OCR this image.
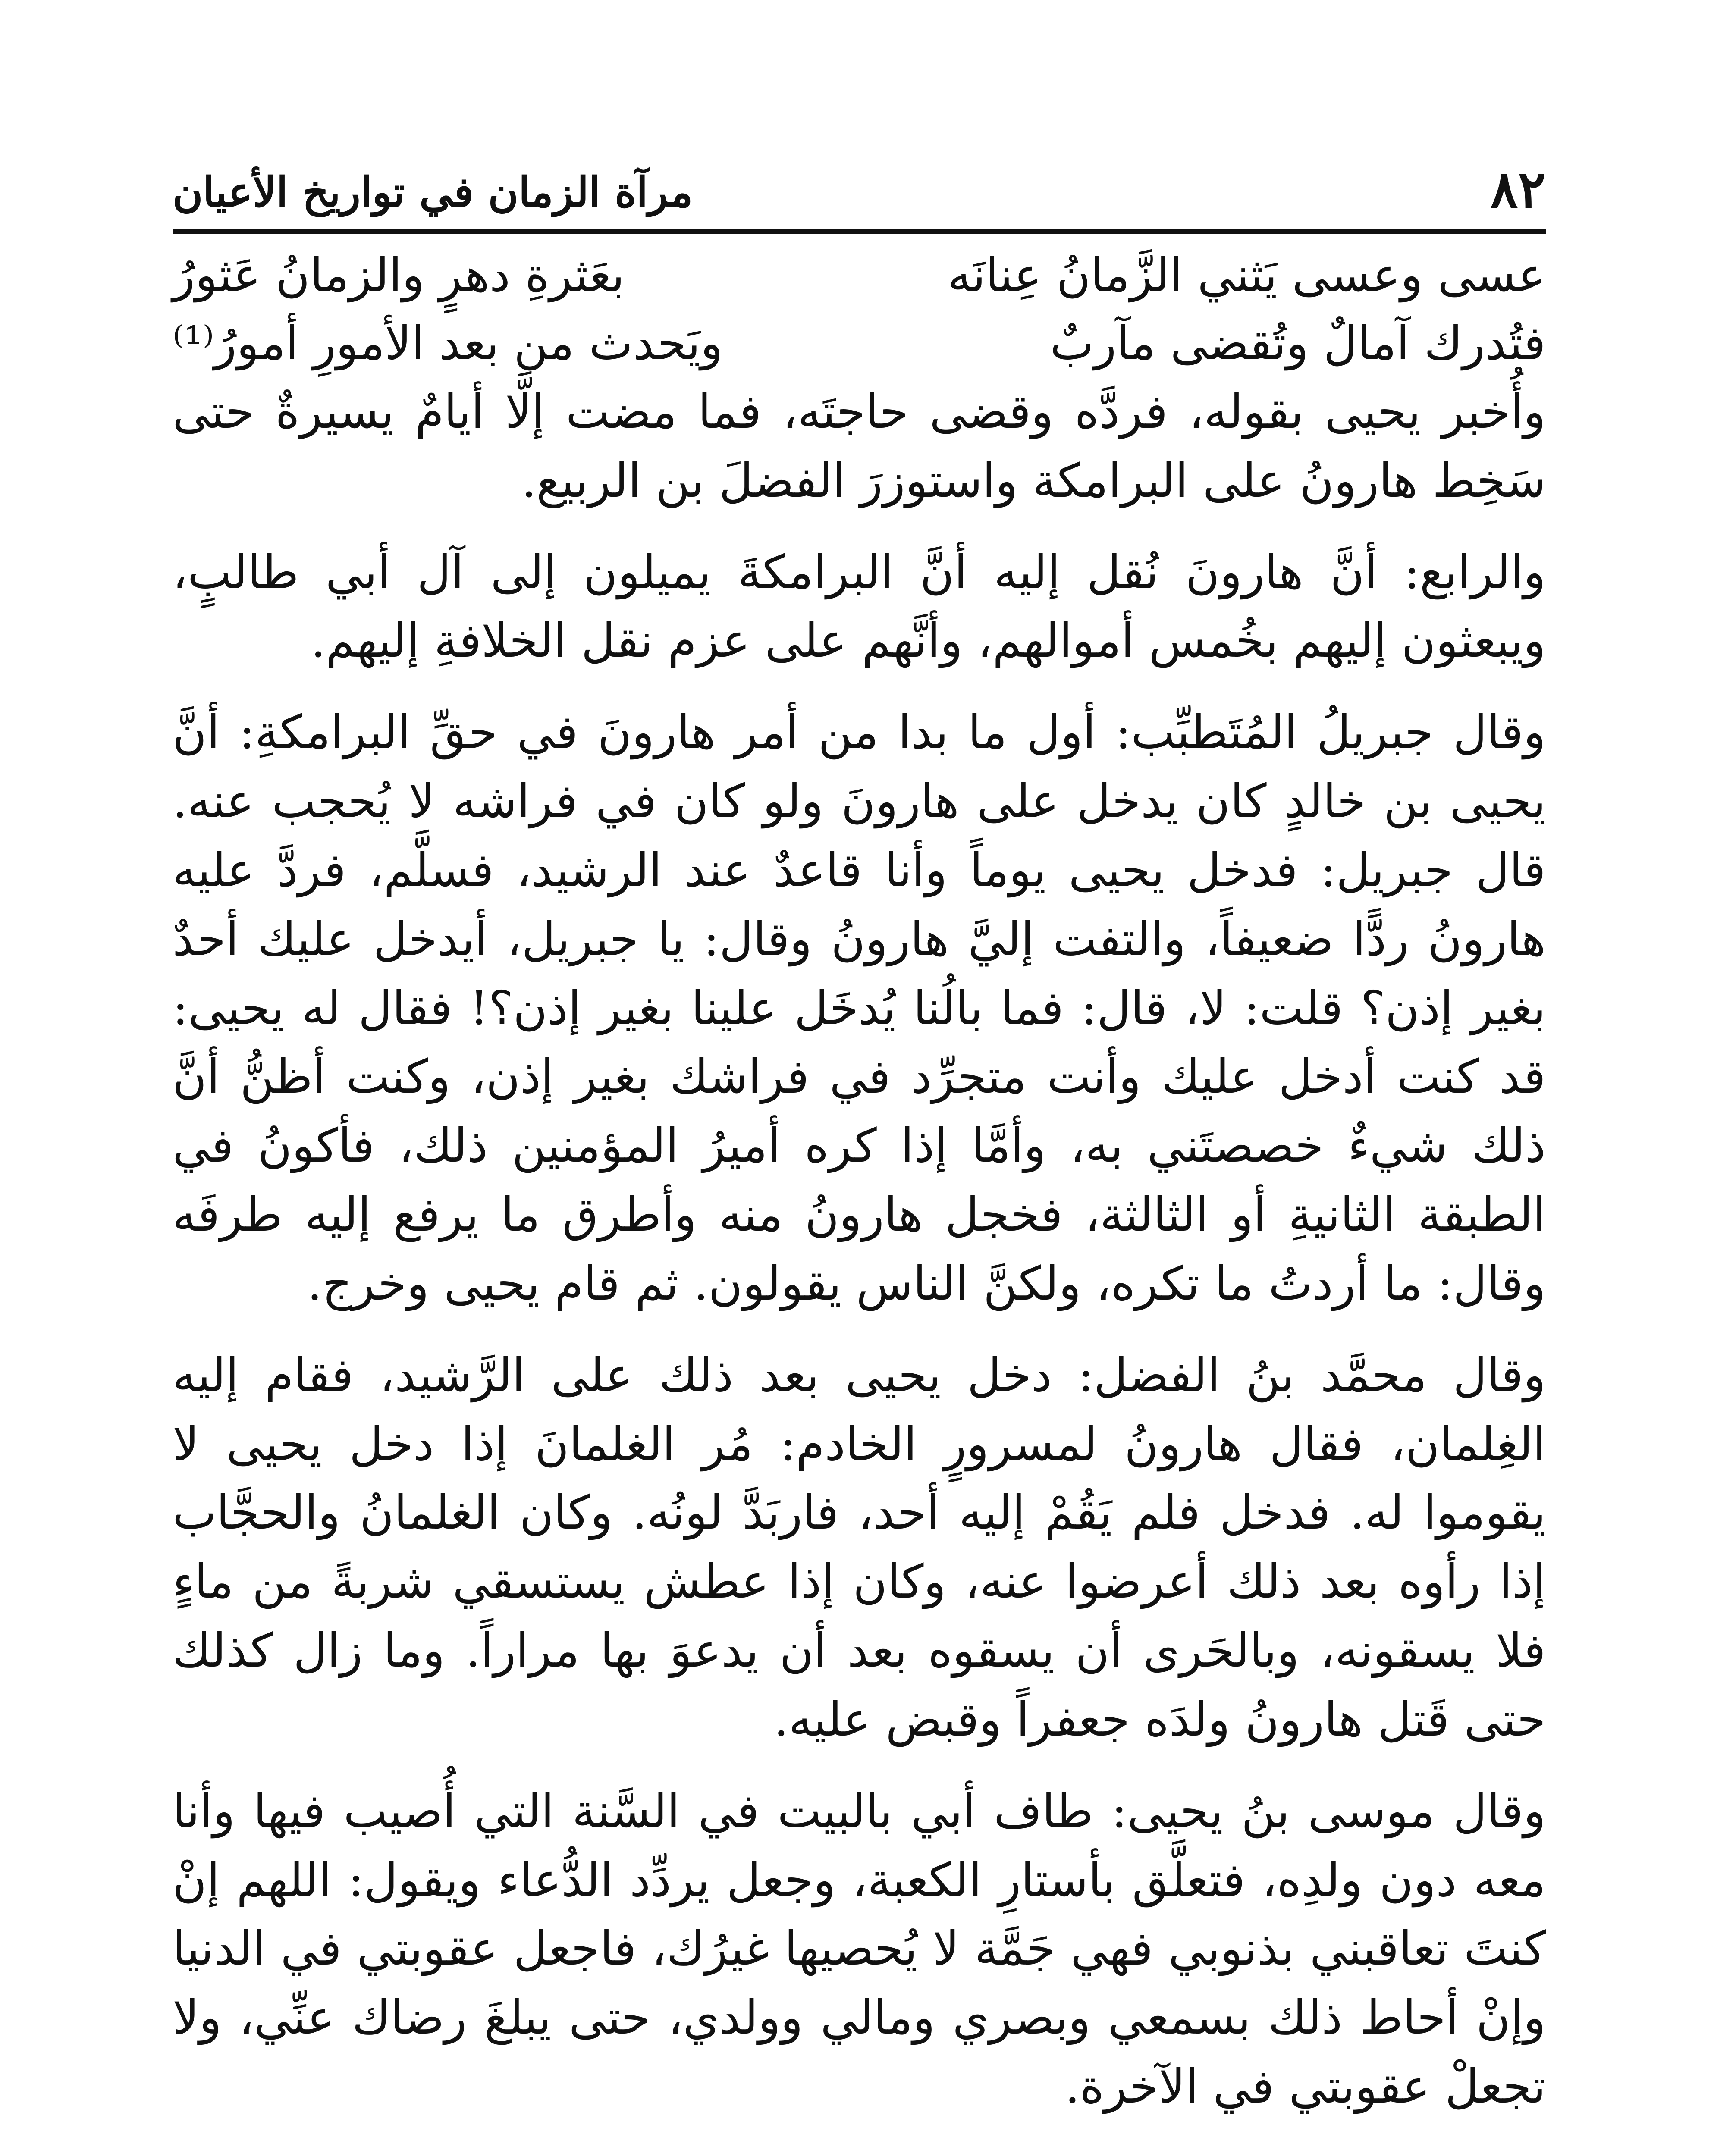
٨٢
مرآة الزمان في تواريخ الأعيان
عسى وعسى يَثني الزَّمانُ عِنانَه
بعَثرةِ دهرٍ والزمانُ عَثورُ
فتُدرك آمالٌ وتُقضى مآربٌ
ويَحدث من بعد الأمورِ أمورُ⁽¹⁾

وأُخبر يحيى بقوله، فردَّه وقضى حاجتَه، فما مضت إلَّا أيامٌ يسيرةٌ حتى سَخِط هارونُ على البرامكة واستوزرَ الفضلَ بن الربيع.

والرابع: أنَّ هارونَ نُقل إليه أنَّ البرامكةَ يميلون إلى آل أبي طالبٍ، ويبعثون إليهم بخُمس أموالهم، وأنَّهم على عزم نقل الخلافةِ إليهم.

وقال جبريلُ المُتَطبِّب: أول ما بدا من أمر هارونَ في حقِّ البرامكةِ: أنَّ يحيى بن خالدٍ كان يدخل على هارونَ ولو كان في فراشه لا يُحجب عنه. قال جبريل: فدخل يحيى يوماً وأنا قاعدٌ عند الرشيد، فسلَّم، فردَّ عليه هارونُ ردًّا ضعيفاً، والتفت إليَّ هارونُ وقال: يا جبريل، أيدخل عليك أحدٌ بغير إذن؟ قلت: لا، قال: فما بالُنا يُدخَل علينا بغير إذن؟! فقال له يحيى: قد كنت أدخل عليك وأنت متجرِّد في فراشك بغير إذن، وكنت أظنُّ أنَّ ذلك شيءٌ خصصتَني به، وأمَّا إذا كره أميرُ المؤمنين ذلك، فأكونُ في الطبقة الثانيةِ أو الثالثة، فخجل هارونُ منه وأطرق ما يرفع إليه طرفَه وقال: ما أردتُ ما تكره، ولكنَّ الناس يقولون. ثم قام يحيى وخرج.

وقال محمَّد بنُ الفضل: دخل يحيى بعد ذلك على الرَّشيد، فقام إليه الغِلمان، فقال هارونُ لمسرورٍ الخادم: مُر الغلمانَ إذا دخل يحيى لا يقوموا له. فدخل فلم يَقُمْ إليه أحد، فاربَدَّ لونُه. وكان الغلمانُ والحجَّاب إذا رأوه بعد ذلك أعرضوا عنه، وكان إذا عطش يستسقي شربةً من ماءٍ فلا يسقونه، وبالحَرى أن يسقوه بعد أن يدعوَ بها مراراً. وما زال كذلك حتى قَتل هارونُ ولدَه جعفراً وقبض عليه.

وقال موسى بنُ يحيى: طاف أبي بالبيت في السَّنة التي أُصيب فيها وأنا معه دون ولدِه، فتعلَّق بأستارِ الكعبة، وجعل يردِّد الدُّعاء ويقول: اللهم إنْ كنتَ تعاقبني بذنوبي فهي جَمَّة لا يُحصيها غيرُك، فاجعل عقوبتي في الدنيا وإنْ أحاط ذلك بسمعي وبصري ومالي وولدي، حتى يبلغَ رضاك عنِّي، ولا تجعلْ عقوبتي في الآخرة.
